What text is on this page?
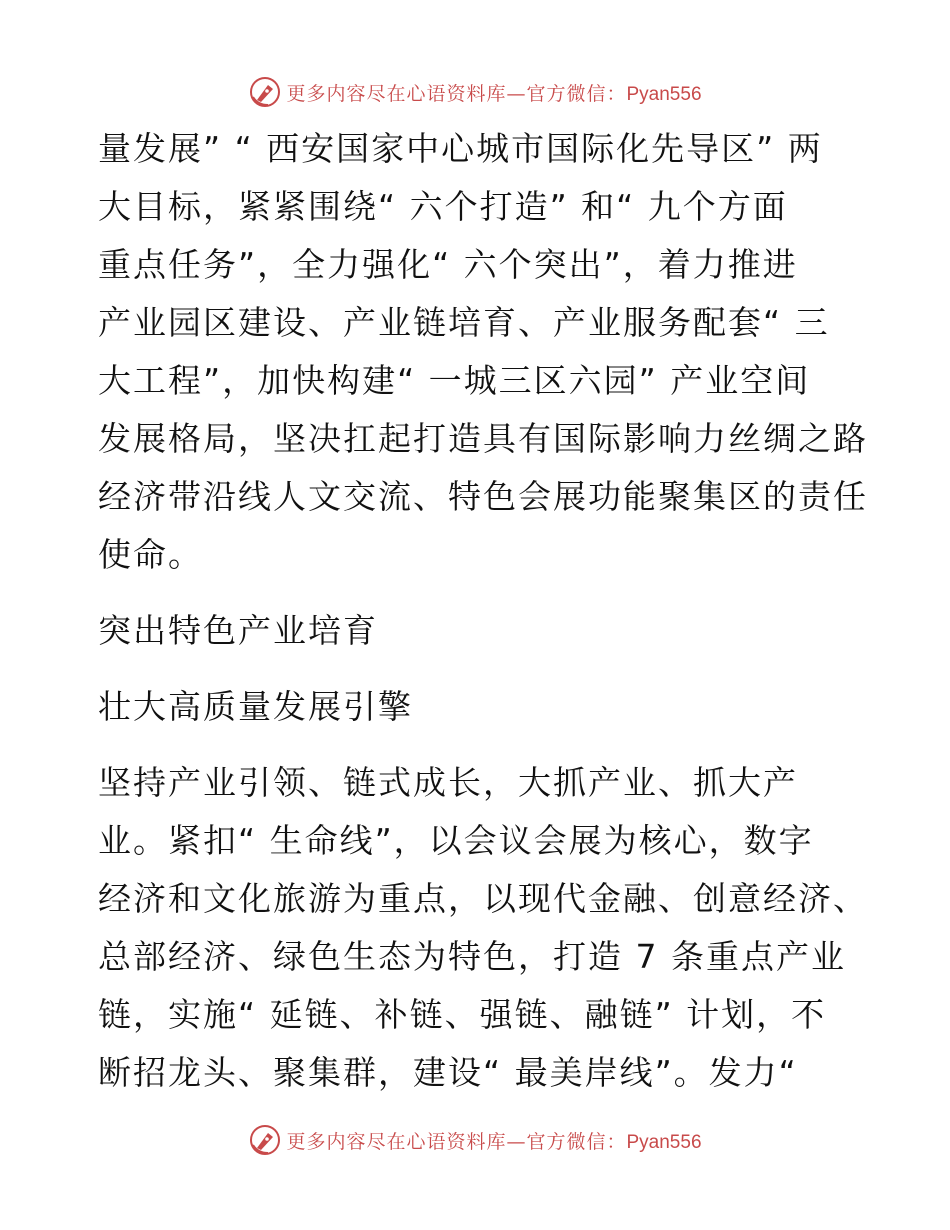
更多内容尽在心语资料库—官方微信：Pyan556
量发展” “ 西安国家中心城市国际化先导区” 两
大目标，紧紧围绕“ 六个打造” 和“ 九个方面
重点任务”，全力强化“ 六个突出”，着力推进
产业园区建设、产业链培育、产业服务配套“ 三
大工程”，加快构建“ 一城三区六园” 产业空间
发展格局，坚决扛起打造具有国际影响力丝绸之路
经济带沿线人文交流、特色会展功能聚集区的责任
使命。
突出特色产业培育
壮大高质量发展引擎
坚持产业引领、链式成长，大抓产业、抓大产
业。紧扣“ 生命线”，以会议会展为核心，数字
经济和文化旅游为重点，以现代金融、创意经济、
总部经济、绿色生态为特色，打造 7 条重点产业
链，实施“ 延链、补链、强链、融链” 计划，不
断招龙头、聚集群，建设“ 最美岸线”。发力“
更多内容尽在心语资料库—官方微信：Pyan556
